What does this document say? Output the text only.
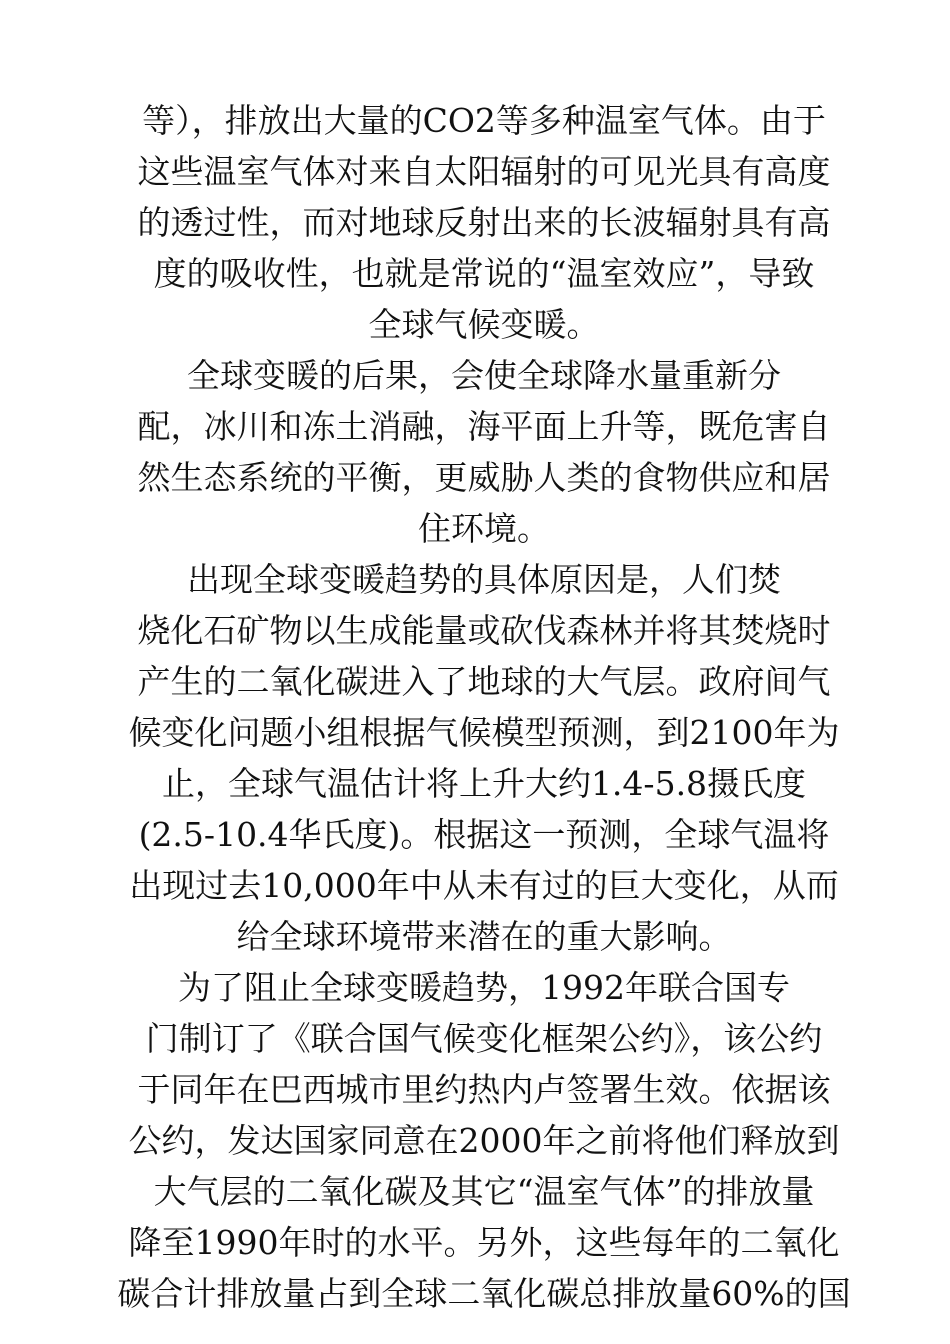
等），排放出大量的CO2等多种温室气体。由于
这些温室气体对来自太阳辐射的可见光具有高度
的透过性，而对地球反射出来的长波辐射具有高
度的吸收性，也就是常说的“温室效应”，导致
全球气候变暖。
全球变暖的后果，会使全球降水量重新分
配，冰川和冻土消融，海平面上升等，既危害自
然生态系统的平衡，更威胁人类的食物供应和居
住环境。
出现全球变暖趋势的具体原因是，人们焚
烧化石矿物以生成能量或砍伐森林并将其焚烧时
产生的二氧化碳进入了地球的大气层。政府间气
候变化问题小组根据气候模型预测，到2100年为
止，全球气温估计将上升大约1.4-5.8摄氏度
(2.5-10.4华氏度)。根据这一预测，全球气温将
出现过去10,000年中从未有过的巨大变化，从而
给全球环境带来潜在的重大影响。
为了阻止全球变暖趋势，1992年联合国专
门制订了《联合国气候变化框架公约》，该公约
于同年在巴西城市里约热内卢签署生效。依据该
公约，发达国家同意在2000年之前将他们释放到
大气层的二氧化碳及其它“温室气体”的排放量
降至1990年时的水平。另外，这些每年的二氧化
碳合计排放量占到全球二氧化碳总排放量60%的国
